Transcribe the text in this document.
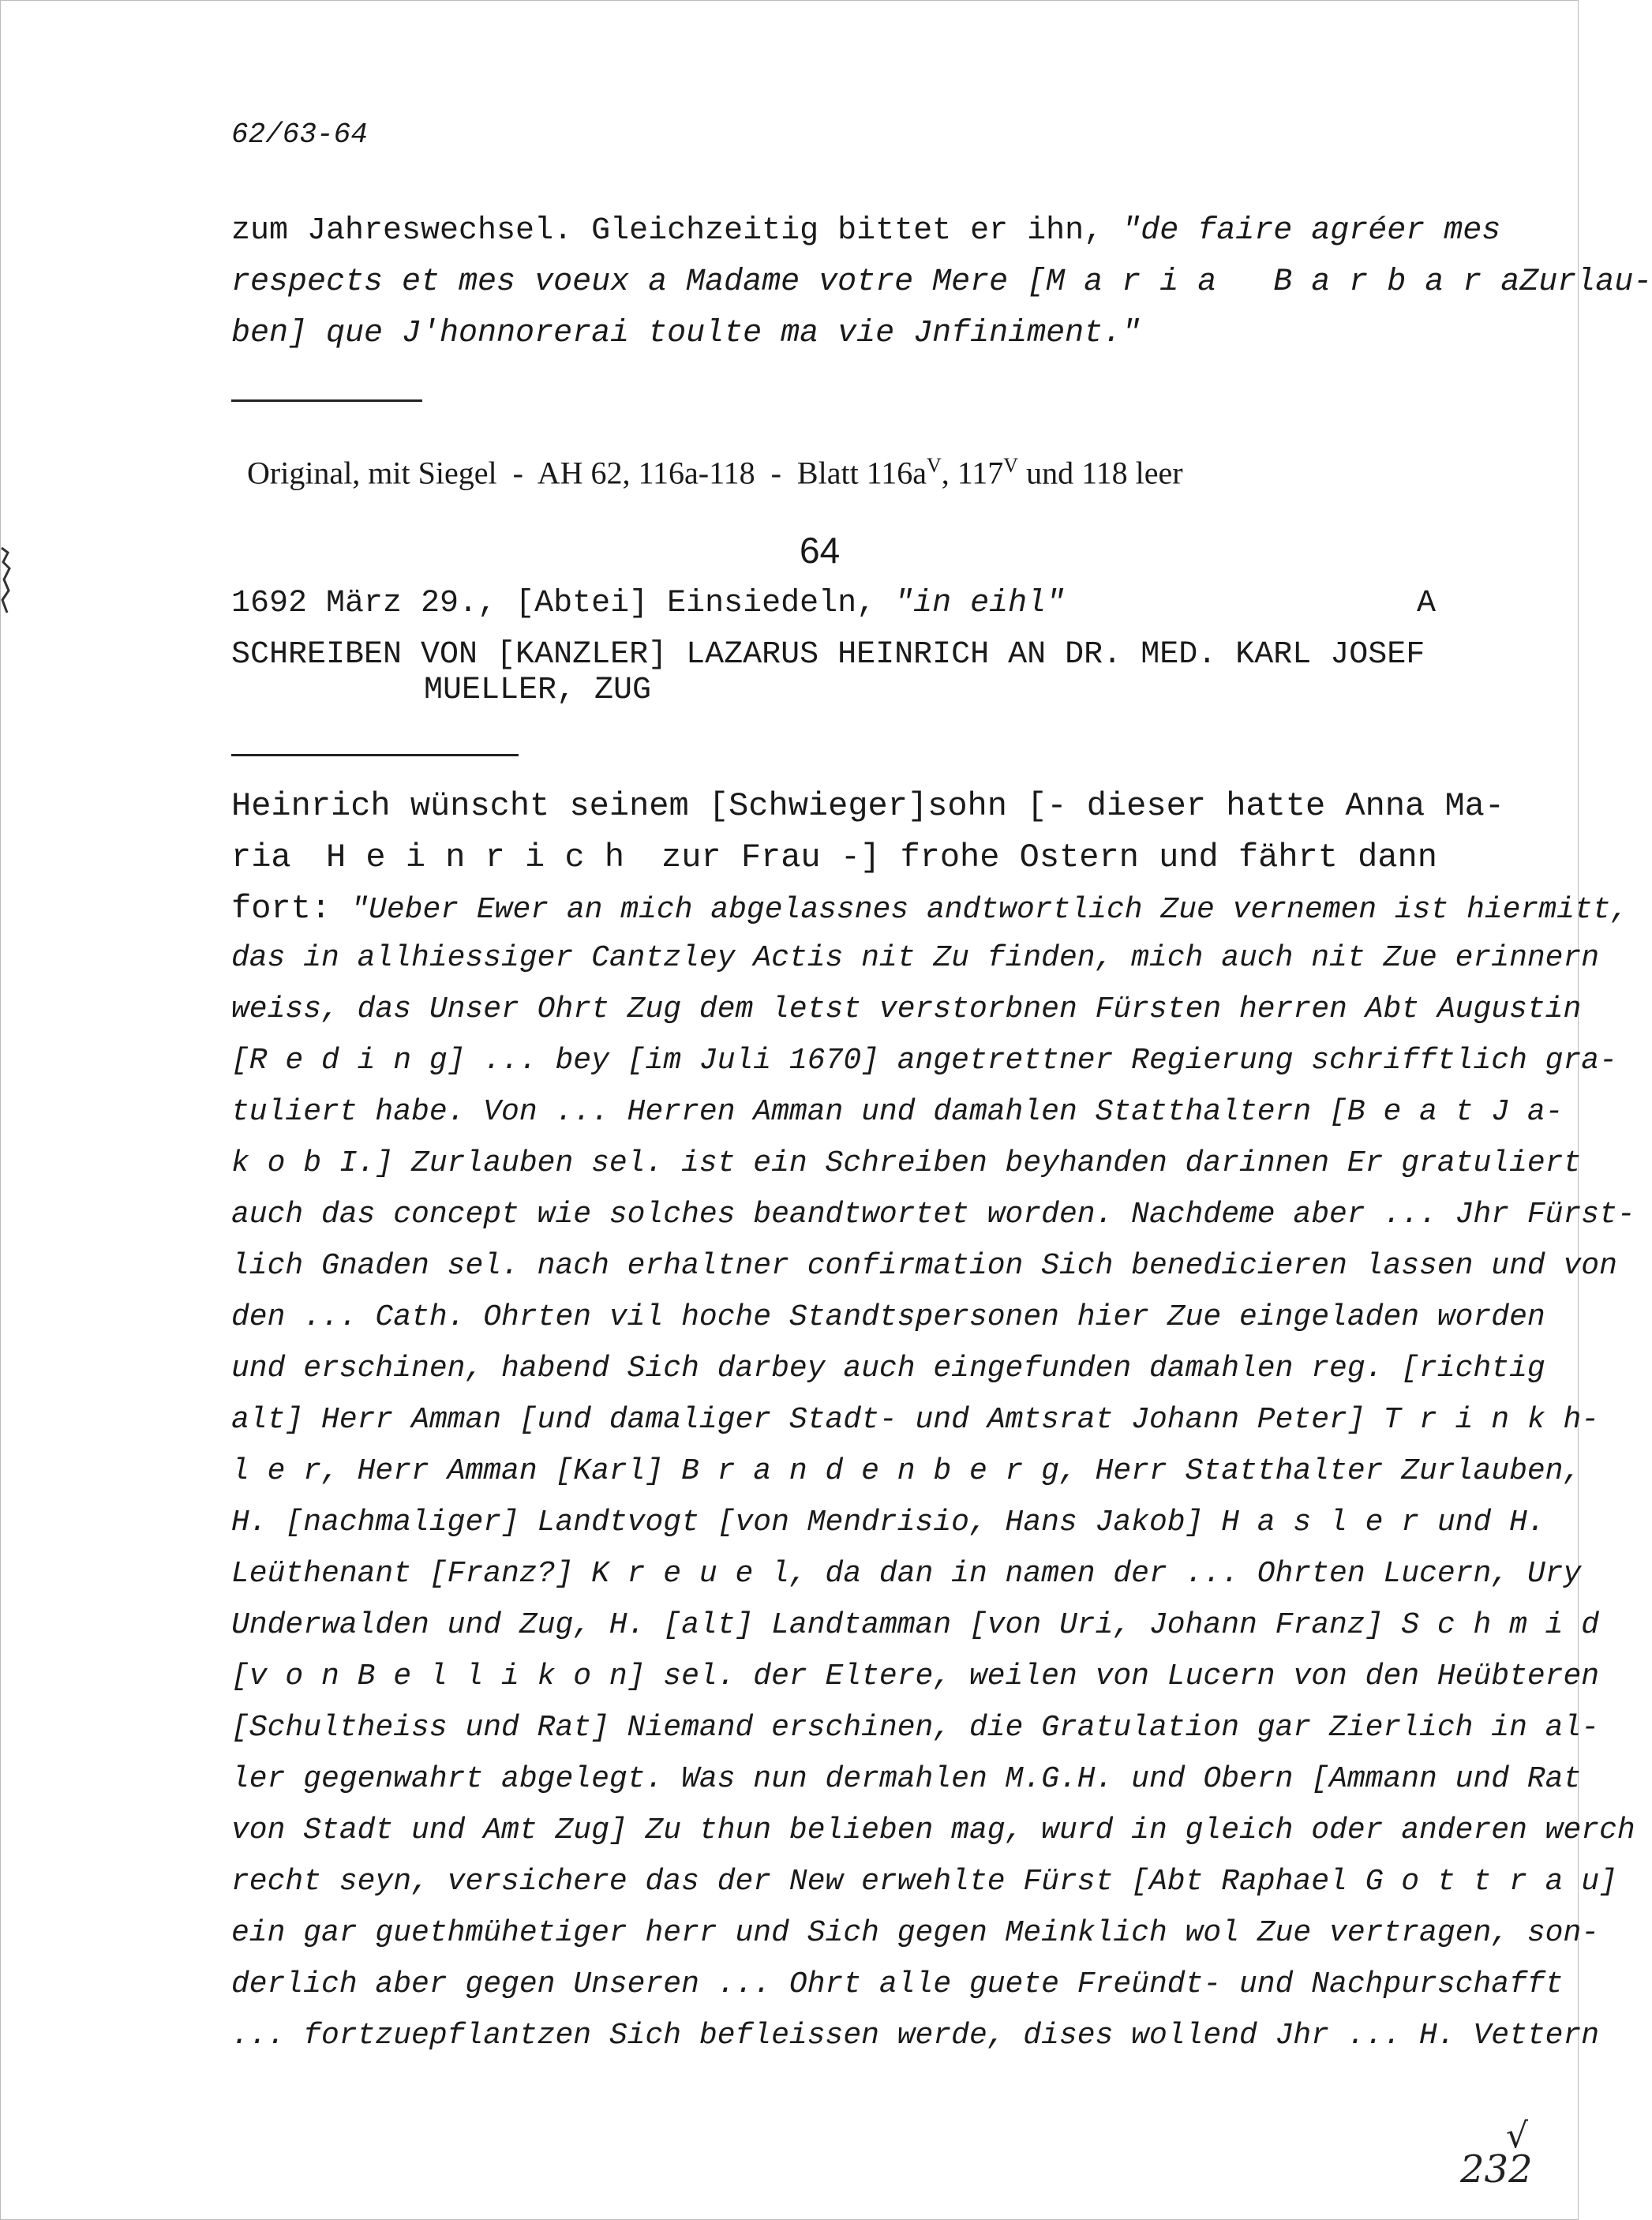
62/63-64
zum Jahreswechsel. Gleichzeitig bittet er ihn, "de faire agréer mes
respects et mes voeux a Madame votre Mere [ M a r i a   B a r b a r a Zurlau-
ben] que J'honnorerai toulte ma vie Jnfiniment."

Original, mit Siegel  -  AH 62, 116a-118  -  Blatt $116a^V$, $117^V$ und 118 leer

64
1692 März 29., [Abtei] Einsiedeln, "in eihl"	A
SCHREIBEN VON [KANZLER] LAZARUS HEINRICH AN DR. MED. KARL JOSEF
MUELLER, ZUG
Heinrich wünscht seinem [Schwieger]sohn [- dieser hatte Anna Ma-
ria	H e i n r i c h	zur Frau -] frohe Ostern und fährt dann
fort: "Ueber Ewer an mich abgelassnes andtwortlich Zue vernemen ist hiermitt,
das in allhiessiger Cantzley Actis nit Zu finden, mich auch nit Zue erinnern
weiss, das Unser Ohrt Zug dem letst verstorbnen Fürsten herren Abt Augustin
[R e d i n g] ... bey [im Juli 1670] angetrettner Regierung schrifftlich gra-
tuliert habe. Von ... Herren Amman und damahlen Statthaltern [B e a t J a-
k o b I.] Zurlauben sel. ist ein Schreiben beyhanden darinnen Er gratuliert
auch das concept wie solches beandtwortet worden. Nachdeme aber ... Jhr Fürst-
lich Gnaden sel. nach erhaltner confirmation Sich benedicieren lassen und von
den ... Cath. Ohrten vil hoche Standtspersonen hier Zue eingeladen worden
und erschinen, habend Sich darbey auch eingefunden damahlen reg. [richtig
alt] Herr Amman [und damaliger Stadt- und Amtsrat Johann Peter] T r i n k h-
l e r, Herr Amman [Karl] B r a n d e n b e r g, Herr Statthalter Zurlauben,
H. [nachmaliger] Landtvogt [von Mendrisio, Hans Jakob] H a s l e r und H.
Leüthenant [Franz?] K r e u e l, da dan in namen der ... Ohrten Lucern, Ury
Underwalden und Zug, H. [alt] Landtamman [von Uri, Johann Franz] S c h m i d
[v o n B e l l i k o n] sel. der Eltere, weilen von Lucern von den Heübteren
[Schultheiss und Rat] Niemand erschinen, die Gratulation gar Zierlich in al-
ler gegenwahrt abgelegt. Was nun dermahlen M.G.H. und Obern [Ammann und Rat
von Stadt und Amt Zug] Zu thun belieben mag, wurd in gleich oder anderen werch
recht seyn, versichere das der New erwehlte Fürst [Abt Raphael G o t t r a u]
ein gar guethmühetiger herr und Sich gegen Meinklich wol Zue vertragen, son-
derlich aber gegen Unseren ... Ohrt alle guete Freündt- und Nachpurschafft
... fortzuepflantzen Sich befleissen werde, dises wollend Jhr ... H. Vettern
√
232
